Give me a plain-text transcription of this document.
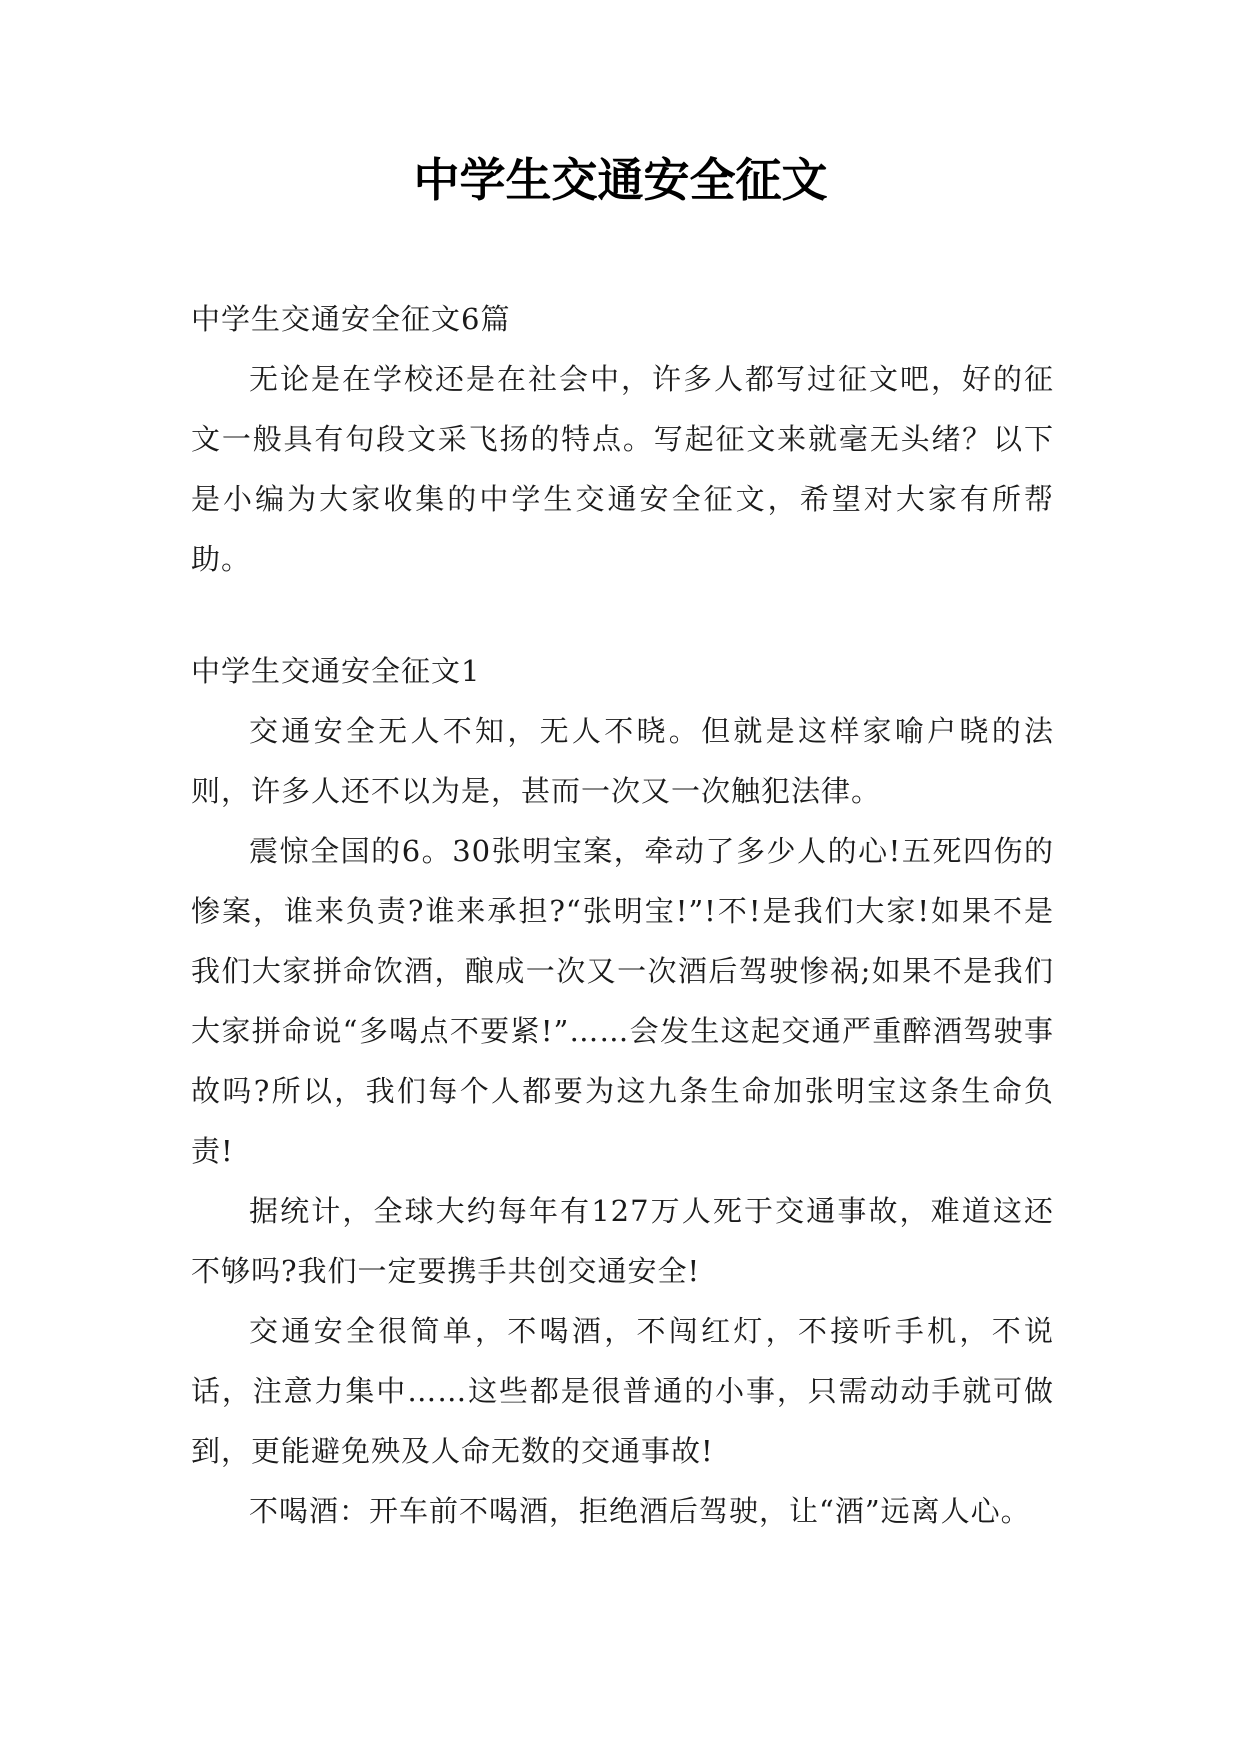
中学生交通安全征文

中学生交通安全征文6篇

无论是在学校还是在社会中，许多人都写过征文吧，好的征文一般具有句段文采飞扬的特点。写起征文来就毫无头绪？以下是小编为大家收集的中学生交通安全征文，希望对大家有所帮助。

中学生交通安全征文1

交通安全无人不知，无人不晓。但就是这样家喻户晓的法则，许多人还不以为是，甚而一次又一次触犯法律。

震惊全国的6。30张明宝案，牵动了多少人的心!五死四伤的惨案，谁来负责?谁来承担?“张明宝!”!不!是我们大家!如果不是我们大家拼命饮酒，酿成一次又一次酒后驾驶惨祸;如果不是我们大家拼命说“多喝点不要紧!”……会发生这起交通严重醉酒驾驶事故吗?所以，我们每个人都要为这九条生命加张明宝这条生命负责!

据统计，全球大约每年有127万人死于交通事故，难道这还不够吗?我们一定要携手共创交通安全!

交通安全很简单，不喝酒，不闯红灯，不接听手机，不说话，注意力集中……这些都是很普通的小事，只需动动手就可做到，更能避免殃及人命无数的交通事故!

不喝酒：开车前不喝酒，拒绝酒后驾驶，让“酒”远离人心。
